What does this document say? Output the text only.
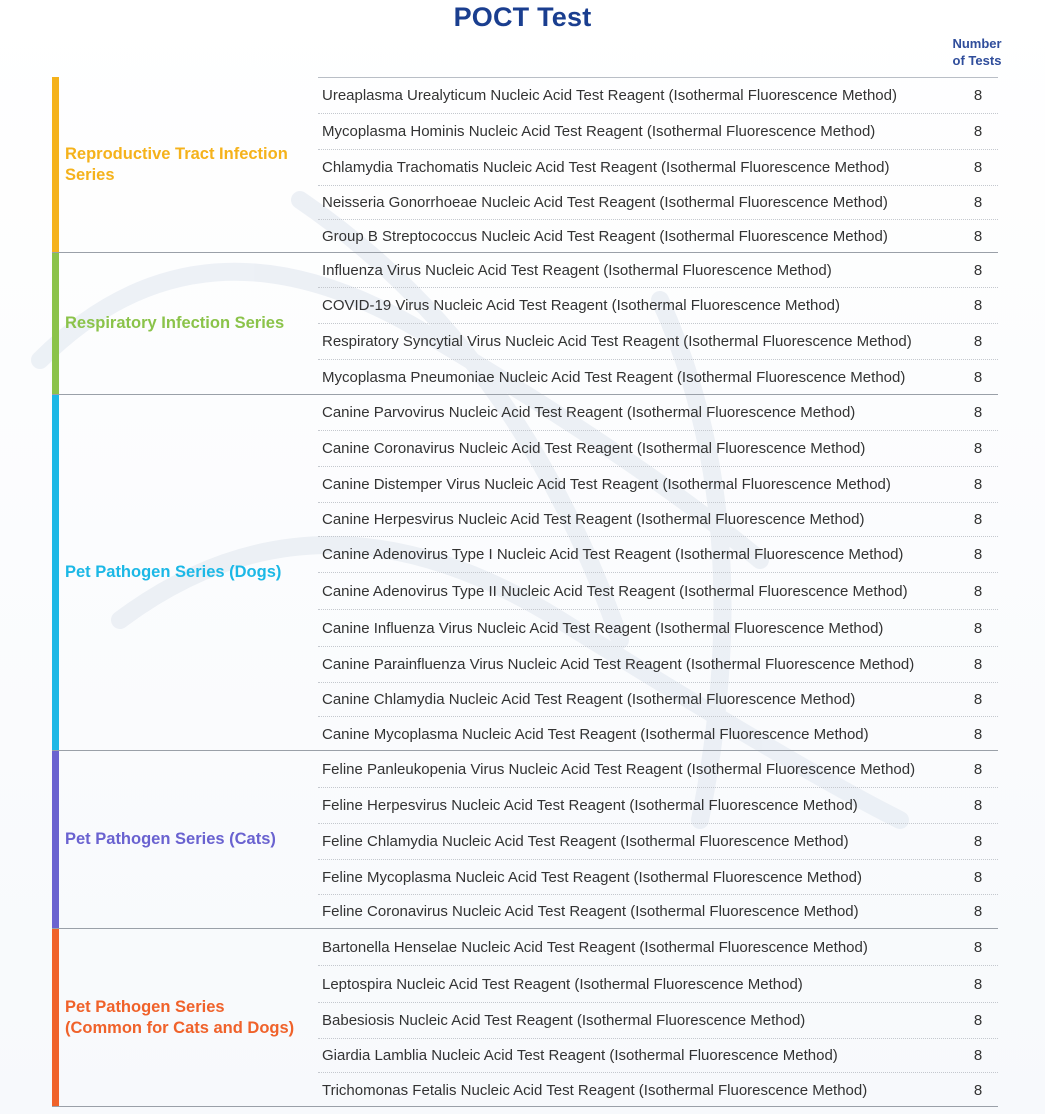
POCT Test
Number
of Tests
Reproductive Tract Infection
Series
Ureaplasma Urealyticum Nucleic Acid Test Reagent (Isothermal Fluorescence Method)	8
Mycoplasma Hominis Nucleic Acid Test Reagent (Isothermal Fluorescence Method)	8
Chlamydia Trachomatis Nucleic Acid Test Reagent (Isothermal Fluorescence Method)	8
Neisseria Gonorrhoeae Nucleic Acid Test Reagent (Isothermal Fluorescence Method)	8
Group B Streptococcus Nucleic Acid Test Reagent (Isothermal Fluorescence Method)	8
Respiratory Infection Series
Influenza Virus Nucleic Acid Test Reagent (Isothermal Fluorescence Method)	8
COVID-19 Virus Nucleic Acid Test Reagent (Isothermal Fluorescence Method)	8
Respiratory Syncytial Virus Nucleic Acid Test Reagent (Isothermal Fluorescence Method)	8
Mycoplasma Pneumoniae Nucleic Acid Test Reagent (Isothermal Fluorescence Method)	8
Pet Pathogen Series (Dogs)
Canine Parvovirus Nucleic Acid Test Reagent (Isothermal Fluorescence Method)	8
Canine Coronavirus Nucleic Acid Test Reagent (Isothermal Fluorescence Method)	8
Canine Distemper Virus Nucleic Acid Test Reagent (Isothermal Fluorescence Method)	8
Canine Herpesvirus Nucleic Acid Test Reagent (Isothermal Fluorescence Method)	8
Canine Adenovirus Type I Nucleic Acid Test Reagent (Isothermal Fluorescence Method)	8
Canine Adenovirus Type II Nucleic Acid Test Reagent (Isothermal Fluorescence Method)	8
Canine Influenza Virus Nucleic Acid Test Reagent (Isothermal Fluorescence Method)	8
Canine Parainfluenza Virus Nucleic Acid Test Reagent (Isothermal Fluorescence Method)	8
Canine Chlamydia Nucleic Acid Test Reagent (Isothermal Fluorescence Method)	8
Canine Mycoplasma Nucleic Acid Test Reagent (Isothermal Fluorescence Method)	8
Pet Pathogen Series (Cats)
Feline Panleukopenia Virus Nucleic Acid Test Reagent (Isothermal Fluorescence Method)	8
Feline Herpesvirus Nucleic Acid Test Reagent (Isothermal Fluorescence Method)	8
Feline Chlamydia Nucleic Acid Test Reagent (Isothermal Fluorescence Method)	8
Feline Mycoplasma Nucleic Acid Test Reagent (Isothermal Fluorescence Method)	8
Feline Coronavirus Nucleic Acid Test Reagent (Isothermal Fluorescence Method)	8
Pet Pathogen Series
(Common for Cats and Dogs)
Bartonella Henselae Nucleic Acid Test Reagent (Isothermal Fluorescence Method)	8
Leptospira Nucleic Acid Test Reagent (Isothermal Fluorescence Method)	8
Babesiosis Nucleic Acid Test Reagent (Isothermal Fluorescence Method)	8
Giardia Lamblia Nucleic Acid Test Reagent (Isothermal Fluorescence Method)	8
Trichomonas Fetalis Nucleic Acid Test Reagent (Isothermal Fluorescence Method)	8
